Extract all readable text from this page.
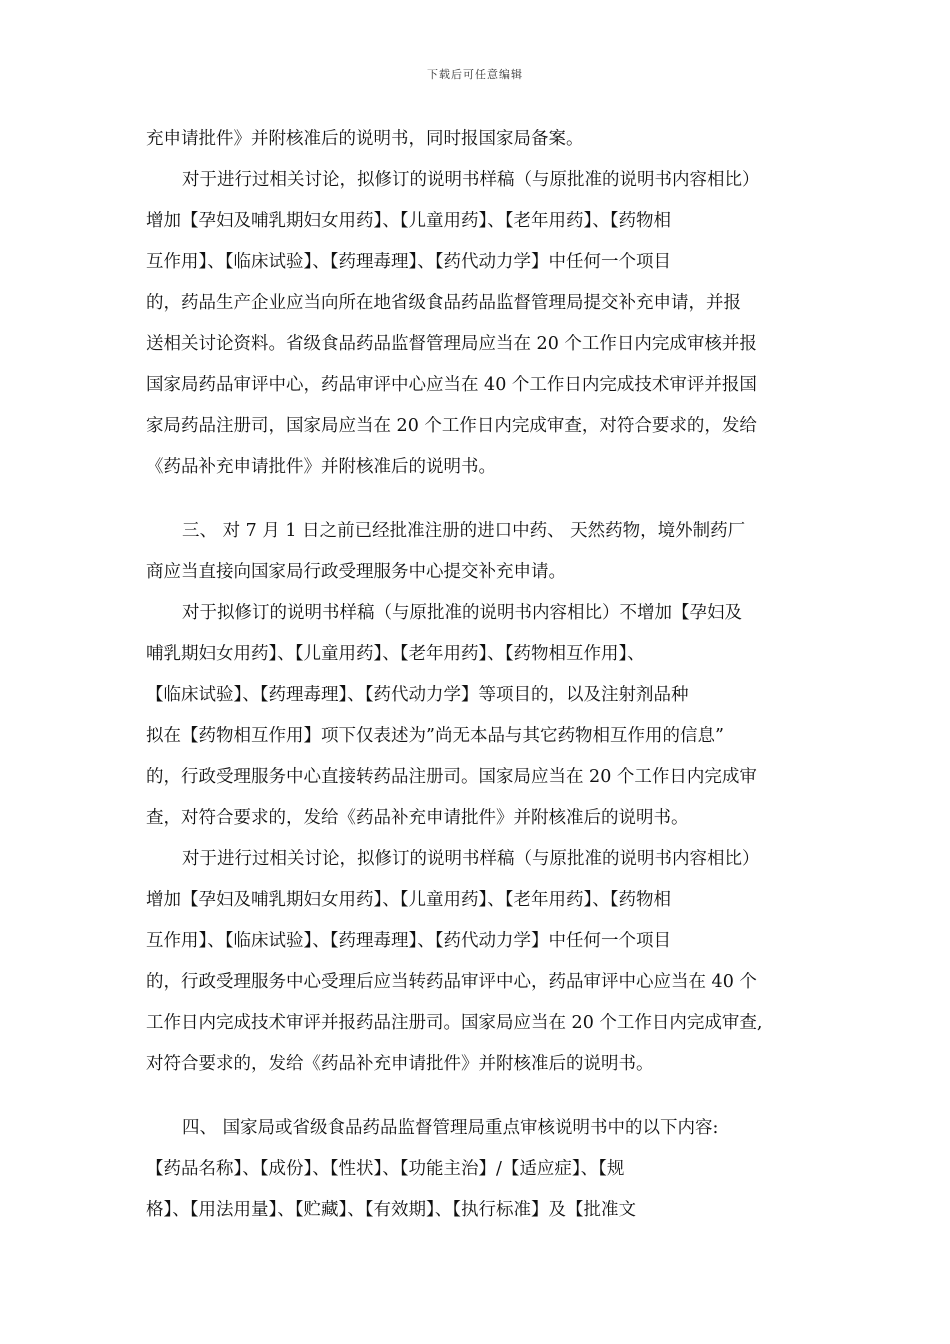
下载后可任意编辑
充申请批件》并附核准后的说明书，同时报国家局备案。
对于进行过相关讨论，拟修订的说明书样稿（与原批准的说明书内容相比）
增加【孕妇及哺乳期妇女用药】、【儿童用药】、【老年用药】、【药物相
互作用】、【临床试验】、【药理毒理】、【药代动力学】中任何一个项目
的，药品生产企业应当向所在地省级食品药品监督管理局提交补充申请，并报
送相关讨论资料。省级食品药品监督管理局应当在 20 个工作日内完成审核并报
国家局药品审评中心，药品审评中心应当在 40 个工作日内完成技术审评并报国
家局药品注册司，国家局应当在 20 个工作日内完成审查，对符合要求的，发给
《药品补充申请批件》并附核准后的说明书。
三、 对 7 月 1 日之前已经批准注册的进口中药、 天然药物，境外制药厂
商应当直接向国家局行政受理服务中心提交补充申请。
对于拟修订的说明书样稿（与原批准的说明书内容相比）不增加【孕妇及
哺乳期妇女用药】、【儿童用药】、【老年用药】、【药物相互作用】、
【临床试验】、【药理毒理】、【药代动力学】等项目的，以及注射剂品种
拟在【药物相互作用】项下仅表述为”尚无本品与其它药物相互作用的信息”
的，行政受理服务中心直接转药品注册司。国家局应当在 20 个工作日内完成审
查，对符合要求的，发给《药品补充申请批件》并附核准后的说明书。
对于进行过相关讨论，拟修订的说明书样稿（与原批准的说明书内容相比）
增加【孕妇及哺乳期妇女用药】、【儿童用药】、【老年用药】、【药物相
互作用】、【临床试验】、【药理毒理】、【药代动力学】中任何一个项目
的，行政受理服务中心受理后应当转药品审评中心，药品审评中心应当在 40 个
工作日内完成技术审评并报药品注册司。国家局应当在 20 个工作日内完成审查,
对符合要求的，发给《药品补充申请批件》并附核准后的说明书。
四、 国家局或省级食品药品监督管理局重点审核说明书中的以下内容:
【药品名称】、【成份】、【性状】、【功能主治】/【适应症】、【规
格】、【用法用量】、【贮藏】、【有效期】、【执行标准】及【批准文
